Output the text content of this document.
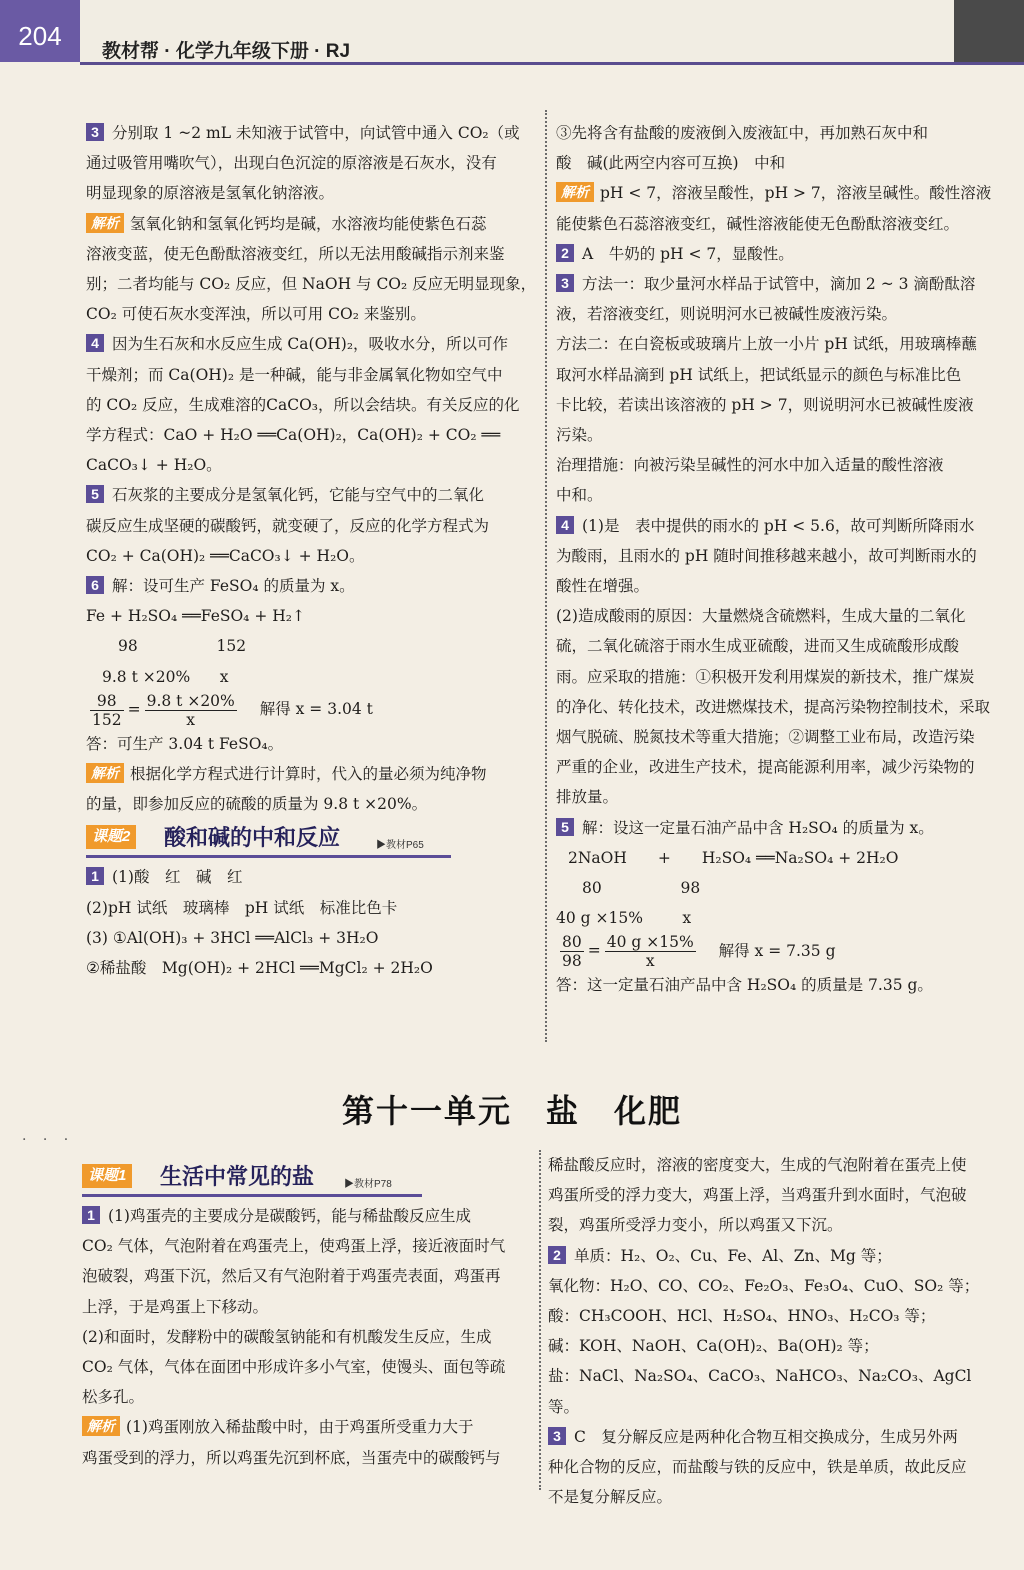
204
教材帮 · 化学九年级下册 · RJ

3 分别取 1 ~2 mL 未知液于试管中，向试管中通入 CO₂（或
通过吸管用嘴吹气），出现白色沉淀的原溶液是石灰水，没有
明显现象的原溶液是氢氧化钠溶液。

解析 氢氧化钠和氢氧化钙均是碱，水溶液均能使紫色石蕊
溶液变蓝，使无色酚酞溶液变红，所以无法用酸碱指示剂来鉴
别；二者均能与 CO₂ 反应，但 NaOH 与 CO₂ 反应无明显现象，
CO₂ 可使石灰水变浑浊，所以可用 CO₂ 来鉴别。

4 因为生石灰和水反应生成 Ca(OH)₂，吸收水分，所以可作
干燥剂；而 Ca(OH)₂ 是一种碱，能与非金属氧化物如空气中
的 CO₂ 反应，生成难溶的CaCO₃，所以会结块。有关反应的化
学方程式：CaO + H₂O ══Ca(OH)₂，Ca(OH)₂ + CO₂ ══
CaCO₃↓ + H₂O。

5 石灰浆的主要成分是氢氧化钙，它能与空气中的二氧化
碳反应生成坚硬的碳酸钙，就变硬了，反应的化学方程式为
CO₂ + Ca(OH)₂ ══CaCO₃↓ + H₂O。

6 解：设可生产 FeSO₄ 的质量为 x。
Fe + H₂SO₄ ══FeSO₄ + H₂↑
98                152
9.8 t ×20%      x

$\frac{98}{152} = \frac{9.8 t \times 20\%}{x}$ 解得 x = 3.04 t
答：可生产 3.04 t FeSO₄。

解析 根据化学方程式进行计算时，代入的量必须为纯净物
的量，即参加反应的硫酸的质量为 9.8 t ×20%。

课题2 酸和碱的中和反应	▶教材P65

1 (1)酸　红　碱　红
(2)pH 试纸　玻璃棒　pH 试纸　标准比色卡
(3) ①Al(OH)₃ + 3HCl ══AlCl₃ + 3H₂O
②稀盐酸　Mg(OH)₂ + 2HCl ══MgCl₂ + 2H₂O

③先将含有盐酸的废液倒入废液缸中，再加熟石灰中和
酸　碱(此两空内容可互换)　中和

解析 pH < 7，溶液呈酸性，pH > 7，溶液呈碱性。酸性溶液
能使紫色石蕊溶液变红，碱性溶液能使无色酚酞溶液变红。

2 A　牛奶的 pH < 7，显酸性。

3 方法一：取少量河水样品于试管中，滴加 2 ~ 3 滴酚酞溶
液，若溶液变红，则说明河水已被碱性废液污染。
方法二：在白瓷板或玻璃片上放一小片 pH 试纸，用玻璃棒蘸
取河水样品滴到 pH 试纸上，把试纸显示的颜色与标准比色
卡比较，若读出该溶液的 pH > 7，则说明河水已被碱性废液
污染。
治理措施：向被污染呈碱性的河水中加入适量的酸性溶液
中和。

4 (1)是　表中提供的雨水的 pH < 5.6，故可判断所降雨水
为酸雨，且雨水的 pH 随时间推移越来越小，故可判断雨水的
酸性在增强。
(2)造成酸雨的原因：大量燃烧含硫燃料，生成大量的二氧化
硫，二氧化硫溶于雨水生成亚硫酸，进而又生成硫酸形成酸
雨。应采取的措施：①积极开发利用煤炭的新技术，推广煤炭
的净化、转化技术，改进燃煤技术，提高污染物控制技术，采取
烟气脱硫、脱氮技术等重大措施；②调整工业布局，改造污染
严重的企业，改进生产技术，提高能源利用率，减少污染物的
排放量。

5 解：设这一定量石油产品中含 H₂SO₄ 的质量为 x。
2NaOH　　+　　H₂SO₄ ══Na₂SO₄ + 2H₂O
80                98
40 g ×15%        x

$\frac{80}{98} = \frac{40 g \times 15\%}{x}$ 解得 x = 7.35 g
答：这一定量石油产品中含 H₂SO₄ 的质量是 7.35 g。

第十一单元　盐　化肥
· · ·
课题1 生活中常见的盐	▶教材P78

1 (1)鸡蛋壳的主要成分是碳酸钙，能与稀盐酸反应生成
CO₂ 气体，气泡附着在鸡蛋壳上，使鸡蛋上浮，接近液面时气
泡破裂，鸡蛋下沉，然后又有气泡附着于鸡蛋壳表面，鸡蛋再
上浮，于是鸡蛋上下移动。
(2)和面时，发酵粉中的碳酸氢钠能和有机酸发生反应，生成
CO₂ 气体，气体在面团中形成许多小气室，使馒头、面包等疏
松多孔。

解析 (1)鸡蛋刚放入稀盐酸中时，由于鸡蛋所受重力大于
鸡蛋受到的浮力，所以鸡蛋先沉到杯底，当蛋壳中的碳酸钙与

稀盐酸反应时，溶液的密度变大，生成的气泡附着在蛋壳上使
鸡蛋所受的浮力变大，鸡蛋上浮，当鸡蛋升到水面时，气泡破
裂，鸡蛋所受浮力变小，所以鸡蛋又下沉。

2 单质：H₂、O₂、Cu、Fe、Al、Zn、Mg 等；
氧化物：H₂O、CO、CO₂、Fe₂O₃、Fe₃O₄、CuO、SO₂ 等；
酸：CH₃COOH、HCl、H₂SO₄、HNO₃、H₂CO₃ 等；
碱：KOH、NaOH、Ca(OH)₂、Ba(OH)₂ 等；
盐：NaCl、Na₂SO₄、CaCO₃、NaHCO₃、Na₂CO₃、AgCl 等。

3 C　复分解反应是两种化合物互相交换成分，生成另外两
种化合物的反应，而盐酸与铁的反应中，铁是单质，故此反应
不是复分解反应。
